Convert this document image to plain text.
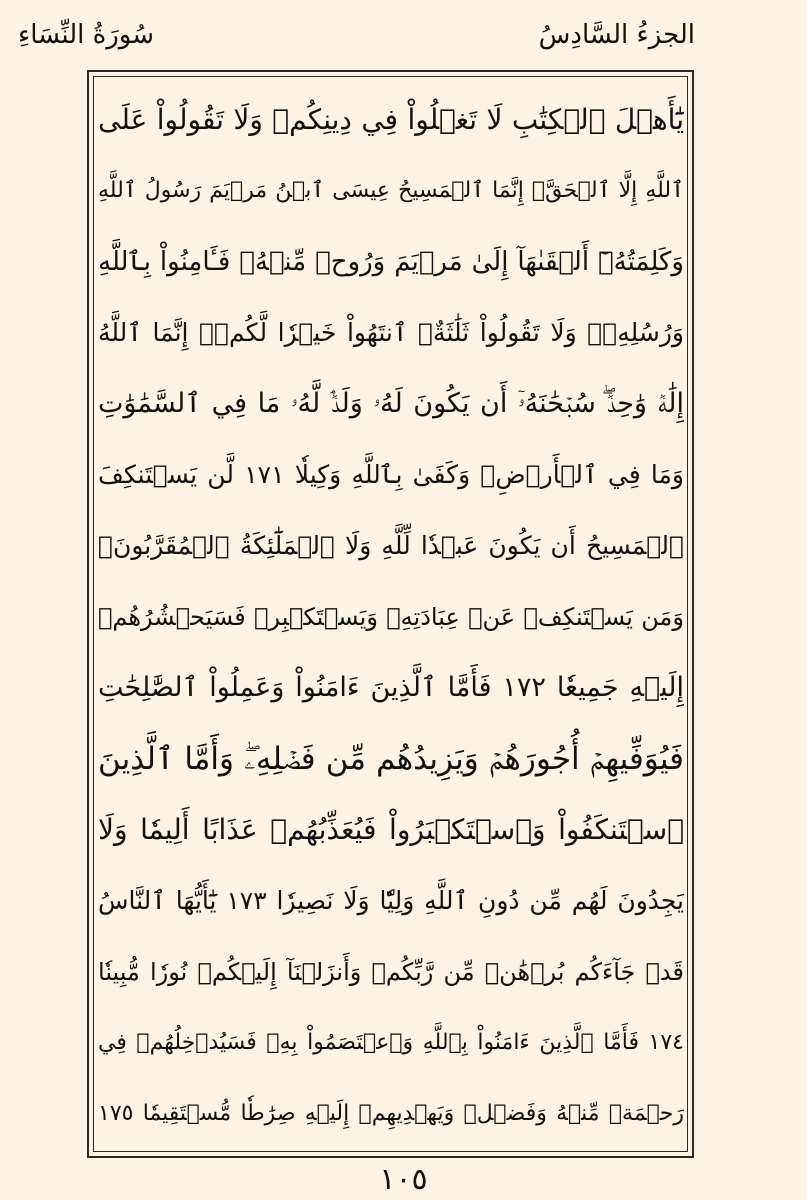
الجزءُ السَّادِسُ
سُورَةُ النِّسَاءِ
يَٰٓأَهۡلَ ٱلۡكِتَٰبِ لَا تَغۡلُواْ فِي دِينِكُمۡ وَلَا تَقُولُواْ عَلَى
ٱللَّهِ إِلَّا ٱلۡحَقَّۚ إِنَّمَا ٱلۡمَسِيحُ عِيسَى ٱبۡنُ مَرۡيَمَ رَسُولُ ٱللَّهِ
وَكَلِمَتُهُۥٓ أَلۡقَىٰهَآ إِلَىٰ مَرۡيَمَ وَرُوحٞ مِّنۡهُۖ فَـَٔامِنُواْ بِٱللَّهِ
وَرُسُلِهِۦۖ وَلَا تَقُولُواْ ثَلَٰثَةٌۚ ٱنتَهُواْ خَيۡرٗا لَّكُمۡۚ إِنَّمَا ٱللَّهُ
إِلَٰهٞ وَٰحِدٞۖ سُبۡحَٰنَهُۥٓ أَن يَكُونَ لَهُۥ وَلَدٞۘ لَّهُۥ مَا فِي ٱلسَّمَٰوَٰتِ
وَمَا فِي ٱلۡأَرۡضِۗ وَكَفَىٰ بِٱللَّهِ وَكِيلٗا ١٧١ لَّن يَسۡتَنكِفَ
ٱلۡمَسِيحُ أَن يَكُونَ عَبۡدٗا لِّلَّهِ وَلَا ٱلۡمَلَٰٓئِكَةُ ٱلۡمُقَرَّبُونَۚ
وَمَن يَسۡتَنكِفۡ عَنۡ عِبَادَتِهِۦ وَيَسۡتَكۡبِرۡ فَسَيَحۡشُرُهُمۡ
إِلَيۡهِ جَمِيعٗا ١٧٢ فَأَمَّا ٱلَّذِينَ ءَامَنُواْ وَعَمِلُواْ ٱلصَّٰلِحَٰتِ
فَيُوَفِّيهِمۡ أُجُورَهُمۡ وَيَزِيدُهُم مِّن فَضۡلِهِۦۖ وَأَمَّا ٱلَّذِينَ
ٱسۡتَنكَفُواْ وَٱسۡتَكۡبَرُواْ فَيُعَذِّبُهُمۡ عَذَابًا أَلِيمٗا وَلَا
يَجِدُونَ لَهُم مِّن دُونِ ٱللَّهِ وَلِيّٗا وَلَا نَصِيرٗا ١٧٣ يَٰٓأَيُّهَا ٱلنَّاسُ
قَدۡ جَآءَكُم بُرۡهَٰنٞ مِّن رَّبِّكُمۡ وَأَنزَلۡنَآ إِلَيۡكُمۡ نُورٗا مُّبِينٗا
١٧٤ فَأَمَّا ٱلَّذِينَ ءَامَنُواْ بِٱللَّهِ وَٱعۡتَصَمُواْ بِهِۦ فَسَيُدۡخِلُهُمۡ فِي
رَحۡمَةٖ مِّنۡهُ وَفَضۡلٖ وَيَهۡدِيهِمۡ إِلَيۡهِ صِرَٰطٗا مُّسۡتَقِيمٗا ١٧٥
١٠٥
